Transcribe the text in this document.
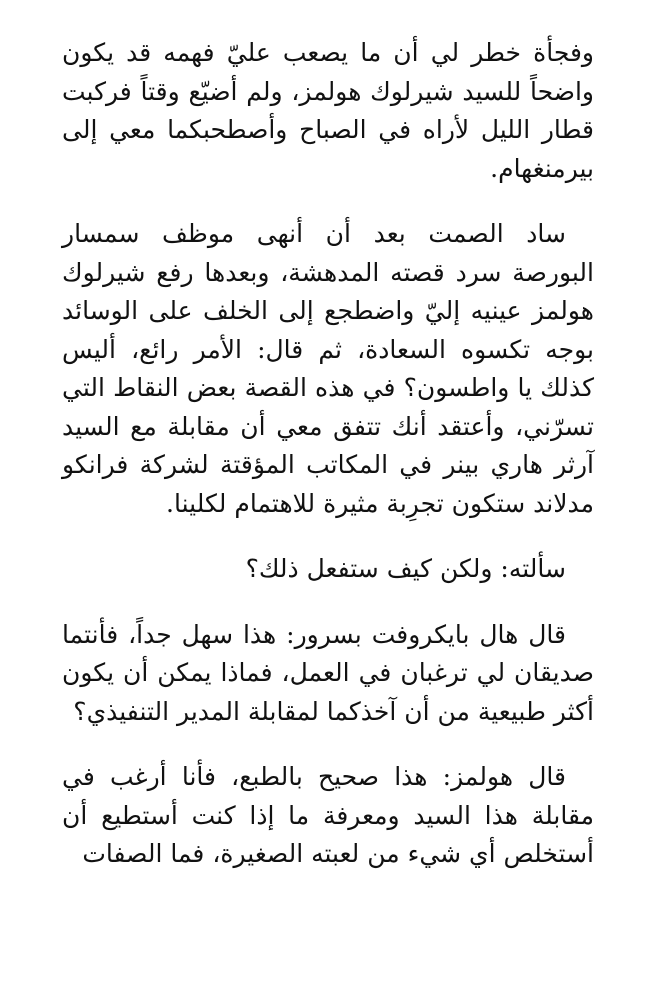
وفجأة خطر لي أن ما يصعب عليّ فهمه قد يكون واضحاً للسيد شيرلوك هولمز، ولم أضيّع وقتاً فركبت قطار الليل لأراه في الصباح وأصطحبكما معي إلى بيرمنغهام.

ساد الصمت بعد أن أنهى موظف سمسار البورصة سرد قصته المدهشة، وبعدها رفع شيرلوك هولمز عينيه إليّ واضطجع إلى الخلف على الوسائد بوجه تكسوه السعادة، ثم قال: الأمر رائع، أليس كذلك يا واطسون؟ في هذه القصة بعض النقاط التي تسرّني، وأعتقد أنك تتفق معي أن مقابلة مع السيد آرثر هاري بينر في المكاتب المؤقتة لشركة فرانكو مدلاند ستكون تجرِبة مثيرة للاهتمام لكلينا.

سألته: ولكن كيف ستفعل ذلك؟

قال هال بايكروفت بسرور: هذا سهل جداً، فأنتما صديقان لي ترغبان في العمل، فماذا يمكن أن يكون أكثر طبيعية من أن آخذكما لمقابلة المدير التنفيذي؟

قال هولمز: هذا صحيح بالطبع، فأنا أرغب في مقابلة هذا السيد ومعرفة ما إذا كنت أستطيع أن أستخلص أي شيء من لعبته الصغيرة، فما الصفات
